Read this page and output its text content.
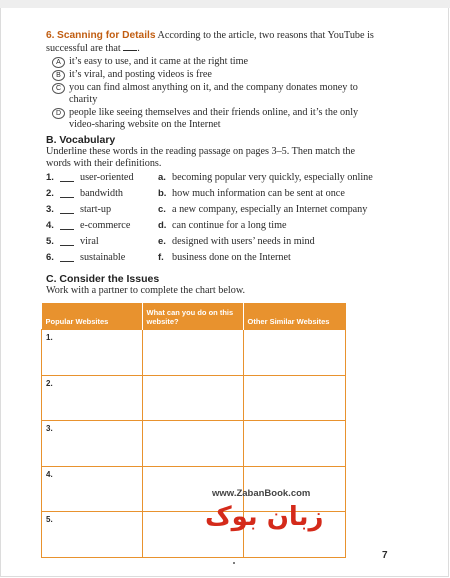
6. Scanning for Details According to the article, two reasons that YouTube is
successful are that .
A it’s easy to use, and it came at the right time
B it’s viral, and posting videos is free
C you can find almost anything on it, and the company donates money to charity
D people like seeing themselves and their friends online, and it’s the only video-sharing website on the Internet
B. Vocabulary
Underline these words in the reading passage on pages 3–5. Then match the words with their definitions.
1.	user-oriented	a. becoming popular very quickly, especially online
2.	bandwidth	b. how much information can be sent at once
3.	start-up	c. a new company, especially an Internet company
4.	e-commerce	d. can continue for a long time
5.	viral	e. designed with users’ needs in mind
6.	sustainable	f. business done on the Internet
C. Consider the Issues
Work with a partner to complete the chart below.
Popular Websites	What can you do on this website?	Other Similar Websites
1.		
2.		
3.		
4.		
5.		
www.ZabanBook.com
زبان بوک
7
